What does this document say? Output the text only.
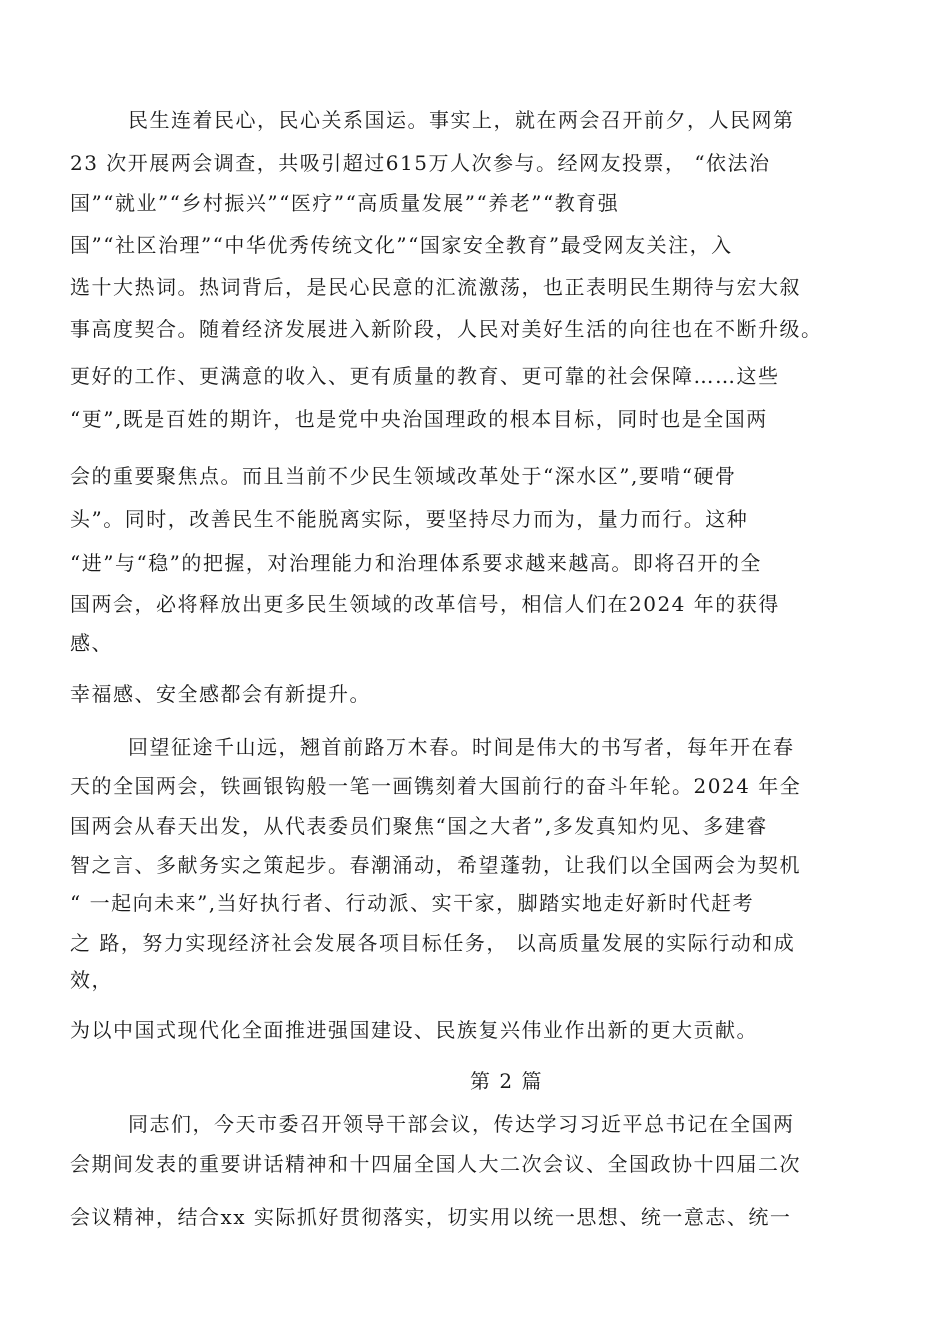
民生连着民心，民心关系国运。事实上，就在两会召开前夕，人民网第
23 次开展两会调查，共吸引超过615万人次参与。经网友投票， “依法治
国”“就业”“乡村振兴”“医疗”“高质量发展”“养老”“教育强
国”“社区治理”“中华优秀传统文化”“国家安全教育”最受网友关注，入
选十大热词。热词背后，是民心民意的汇流激荡，也正表明民生期待与宏大叙
事高度契合。随着经济发展进入新阶段，人民对美好生活的向往也在不断升级。
更好的工作、更满意的收入、更有质量的教育、更可靠的社会保障……这些
“更”,既是百姓的期许，也是党中央治国理政的根本目标，同时也是全国两
会的重要聚焦点。而且当前不少民生领域改革处于“深水区”,要啃“硬骨
头”。同时，改善民生不能脱离实际，要坚持尽力而为，量力而行。这种
“进”与“稳”的把握，对治理能力和治理体系要求越来越高。即将召开的全
国两会，必将释放出更多民生领域的改革信号，相信人们在2024 年的获得
感、
幸福感、安全感都会有新提升。
回望征途千山远，翘首前路万木春。时间是伟大的书写者，每年开在春
天的全国两会，铁画银钩般一笔一画镌刻着大国前行的奋斗年轮。2024 年全
国两会从春天出发，从代表委员们聚焦“国之大者”,多发真知灼见、多建睿
智之言、多献务实之策起步。春潮涌动，希望蓬勃，让我们以全国两会为契机
“ 一起向未来”,当好执行者、行动派、实干家，脚踏实地走好新时代赶考
之 路，努力实现经济社会发展各项目标任务， 以高质量发展的实际行动和成
效，
为以中国式现代化全面推进强国建设、民族复兴伟业作出新的更大贡献。
第 2 篇
同志们，今天市委召开领导干部会议，传达学习习近平总书记在全国两
会期间发表的重要讲话精神和十四届全国人大二次会议、全国政协十四届二次
会议精神，结合xx 实际抓好贯彻落实，切实用以统一思想、统一意志、统一
